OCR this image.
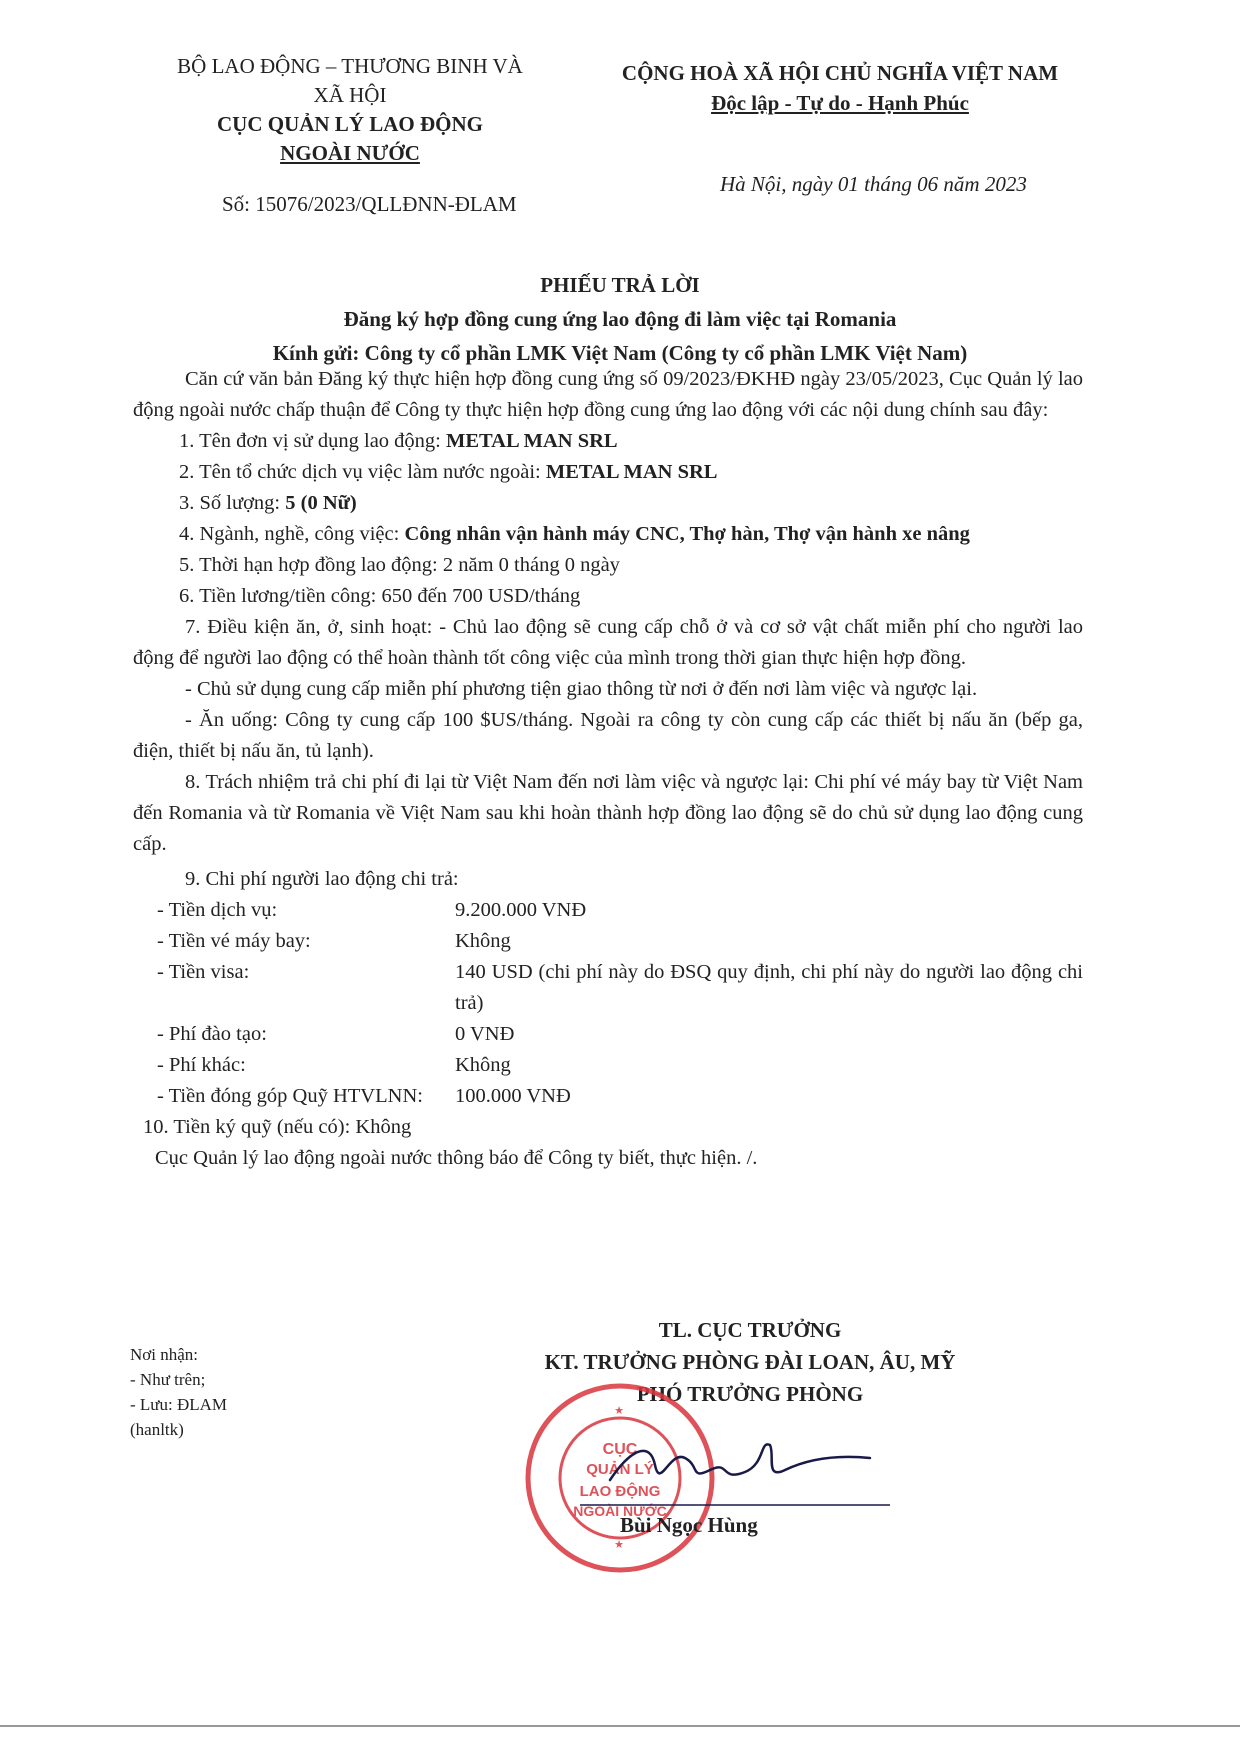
BỘ LAO ĐỘNG – THƯƠNG BINH VÀ
XÃ HỘI
CỤC QUẢN LÝ LAO ĐỘNG
NGOÀI NƯỚC
Số: 15076/2023/QLLĐNN-ĐLAM
CỘNG HOÀ XÃ HỘI CHỦ NGHĨA VIỆT NAM
Độc lập - Tự do - Hạnh Phúc
Hà Nội, ngày 01 tháng 06 năm 2023
PHIẾU TRẢ LỜI
Đăng ký hợp đồng cung ứng lao động đi làm việc tại Romania
Kính gửi: Công ty cổ phần LMK Việt Nam (Công ty cổ phần LMK Việt Nam)

Căn cứ văn bản Đăng ký thực hiện hợp đồng cung ứng số 09/2023/ĐKHĐ ngày 23/05/2023, Cục Quản lý lao động ngoài nước chấp thuận để Công ty thực hiện hợp đồng cung ứng lao động với các nội dung chính sau đây:

1. Tên đơn vị sử dụng lao động: METAL MAN SRL

2. Tên tổ chức dịch vụ việc làm nước ngoài: METAL MAN SRL

3. Số lượng: 5 (0 Nữ)

4. Ngành, nghề, công việc: Công nhân vận hành máy CNC, Thợ hàn, Thợ vận hành xe nâng

5. Thời hạn hợp đồng lao động: 2 năm 0 tháng 0 ngày

6. Tiền lương/tiền công: 650 đến 700 USD/tháng

7. Điều kiện ăn, ở, sinh hoạt: - Chủ lao động sẽ cung cấp chỗ ở và cơ sở vật chất miễn phí cho người lao động để người lao động có thể hoàn thành tốt công việc của mình trong thời gian thực hiện hợp đồng.

- Chủ sử dụng cung cấp miễn phí phương tiện giao thông từ nơi ở đến nơi làm việc và ngược lại.

- Ăn uống: Công ty cung cấp 100 $US/tháng. Ngoài ra công ty còn cung cấp các thiết bị nấu ăn (bếp ga, điện, thiết bị nấu ăn, tủ lạnh).

8. Trách nhiệm trả chi phí đi lại từ Việt Nam đến nơi làm việc và ngược lại: Chi phí vé máy bay từ Việt Nam đến Romania và từ Romania về Việt Nam sau khi hoàn thành hợp đồng lao động sẽ do chủ sử dụng lao động cung cấp.

9. Chi phí người lao động chi trả:

- Tiền dịch vụ:	9.200.000 VNĐ
- Tiền vé máy bay:	Không
- Tiền visa:	140 USD (chi phí này do ĐSQ quy định, chi phí này do người lao động chi trả)
- Phí đào tạo:	0 VNĐ
- Phí khác:	Không
- Tiền đóng góp Quỹ HTVLNN:	100.000 VNĐ

10. Tiền ký quỹ (nếu có): Không

Cục Quản lý lao động ngoài nước thông báo để Công ty biết, thực hiện. /.

Nơi nhận:
- Như trên;
- Lưu: ĐLAM
(hanltk)
TL. CỤC TRƯỞNG
KT. TRƯỞNG PHÒNG ĐÀI LOAN, ÂU, MỸ
PHÓ TRƯỞNG PHÒNG
CỤC
QUẢN LÝ
LAO ĐỘNG
NGOÀI NƯỚC
★
★
Bùi Ngọc Hùng
